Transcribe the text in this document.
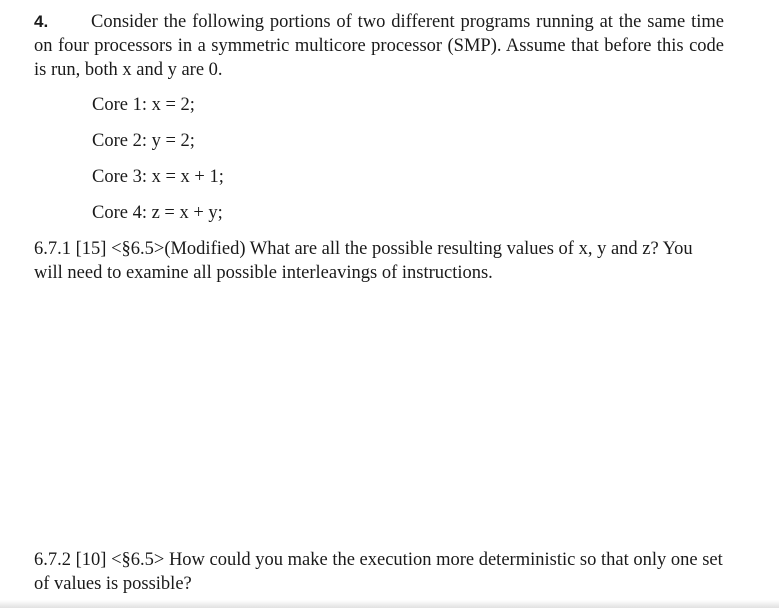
4. Consider the following portions of two different programs running at the same time on four processors in a symmetric multicore processor (SMP). Assume that before this code is run, both x and y are 0.
Core 1: x = 2;
Core 2: y = 2;
Core 3: x = x + 1;
Core 4: z = x + y;
6.7.1 [15] <§6.5>(Modified) What are all the possible resulting values of x, y and z? You will need to examine all possible interleavings of instructions.
6.7.2 [10] <§6.5> How could you make the execution more deterministic so that only one set of values is possible?
